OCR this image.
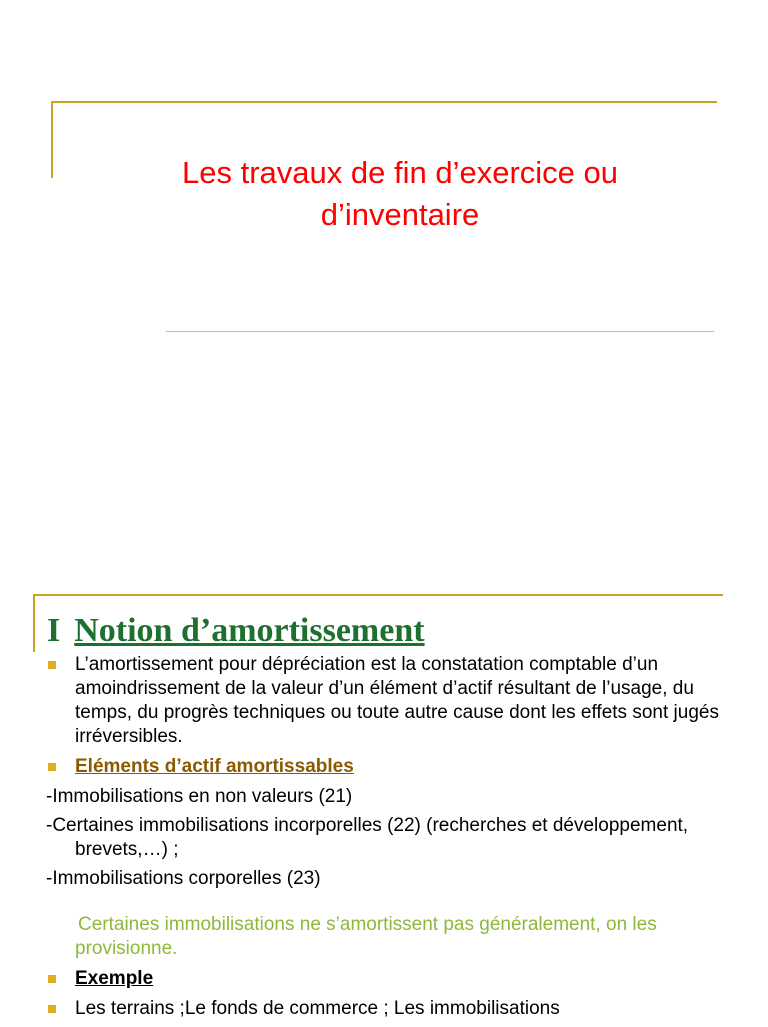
Les travaux de fin d’exercice ou
d’inventaire
I Notion d’amortissement
L’amortissement pour dépréciation est la constatation comptable d’un amoindrissement de la valeur d’un élément d’actif résultant de l’usage, du temps, du progrès techniques ou toute autre cause dont les effets sont jugés irréversibles.
Eléments d’actif amortissables
-Immobilisations en non valeurs (21)
-Certaines immobilisations incorporelles (22) (recherches et développement, brevets,…) ;
-Immobilisations corporelles (23)
Certaines immobilisations ne s’amortissent pas généralement, on les provisionne.
Exemple
Les terrains ;Le fonds de commerce ; Les immobilisations
